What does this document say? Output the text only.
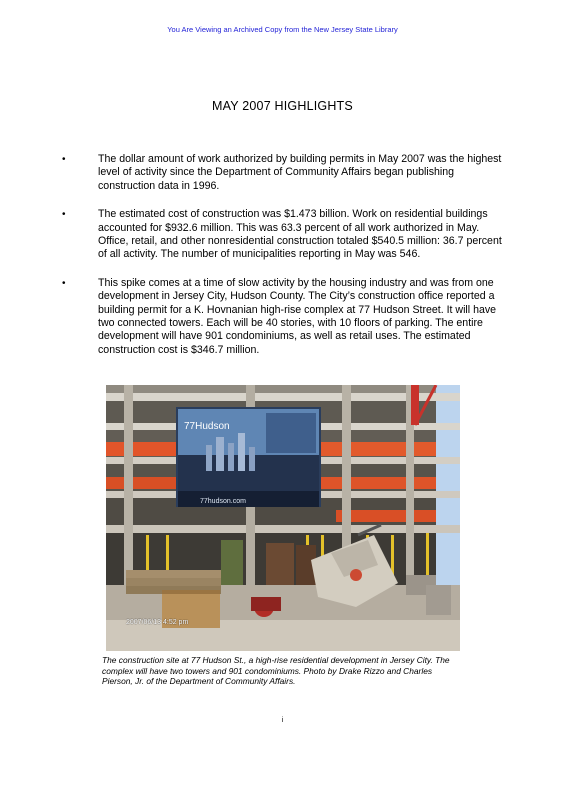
You Are Viewing an Archived Copy from the New Jersey State Library
MAY 2007 HIGHLIGHTS
•	The dollar amount of work authorized by building permits in May 2007 was the highest level of activity since the Department of Community Affairs began publishing construction data in 1996.
•	The estimated cost of construction was $1.473 billion. Work on residential buildings accounted for $932.6 million. This was 63.3 percent of all work authorized in May. Office, retail, and other nonresidential construction totaled $540.5 million: 36.7 percent of all activity. The number of municipalities reporting in May was 546.
•	This spike comes at a time of slow activity by the housing industry and was from one development in Jersey City, Hudson County. The City’s construction office reported a building permit for a K. Hovnanian high-rise complex at 77 Hudson Street. It will have two connected towers. Each will be 40 stories, with 10 floors of parking. The entire development will have 901 condominiums, as well as retail uses. The estimated construction cost is $346.7 million.
77Hudson
77hudson.com
2007/06/13 4:52 pm
The construction site at 77 Hudson St., a high-rise residential development in Jersey City. The complex will have two towers and 901 condominiums. Photo by Drake Rizzo and Charles Pierson, Jr. of the Department of Community Affairs.
i
